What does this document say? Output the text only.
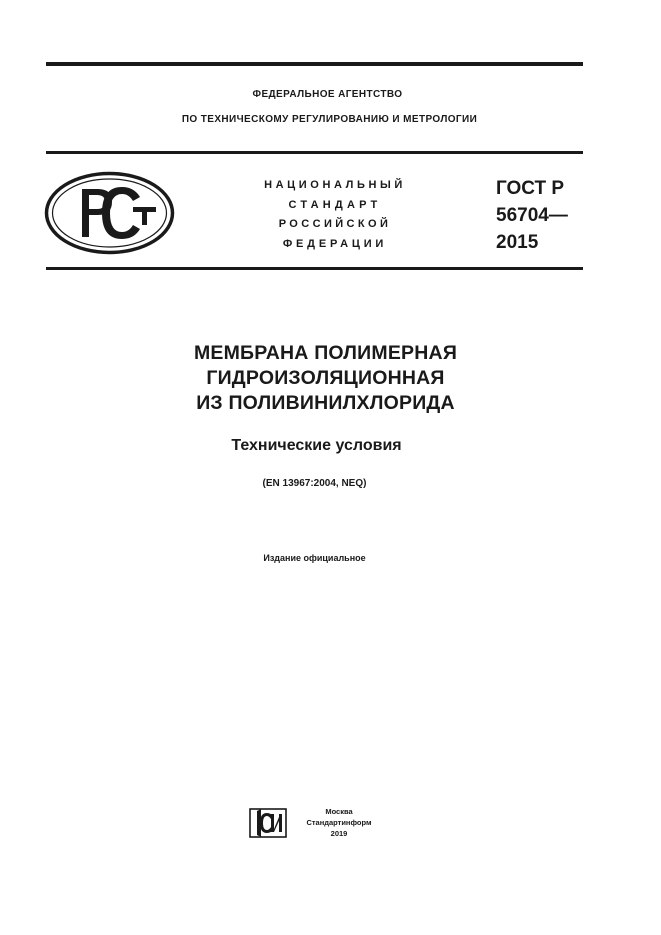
ФЕДЕРАЛЬНОЕ АГЕНТСТВО
ПО ТЕХНИЧЕСКОМУ РЕГУЛИРОВАНИЮ И МЕТРОЛОГИИ
НАЦИОНАЛЬНЫЙ
СТАНДАРТ
РОССИЙСКОЙ
ФЕДЕРАЦИИ
ГОСТ Р
56704—
2015
МЕМБРАНА ПОЛИМЕРНАЯ
ГИДРОИЗОЛЯЦИОННАЯ
ИЗ ПОЛИВИНИЛХЛОРИДА
Технические условия
(EN 13967:2004, NEQ)
Издание официальное
Москва
Стандартинформ
2019
